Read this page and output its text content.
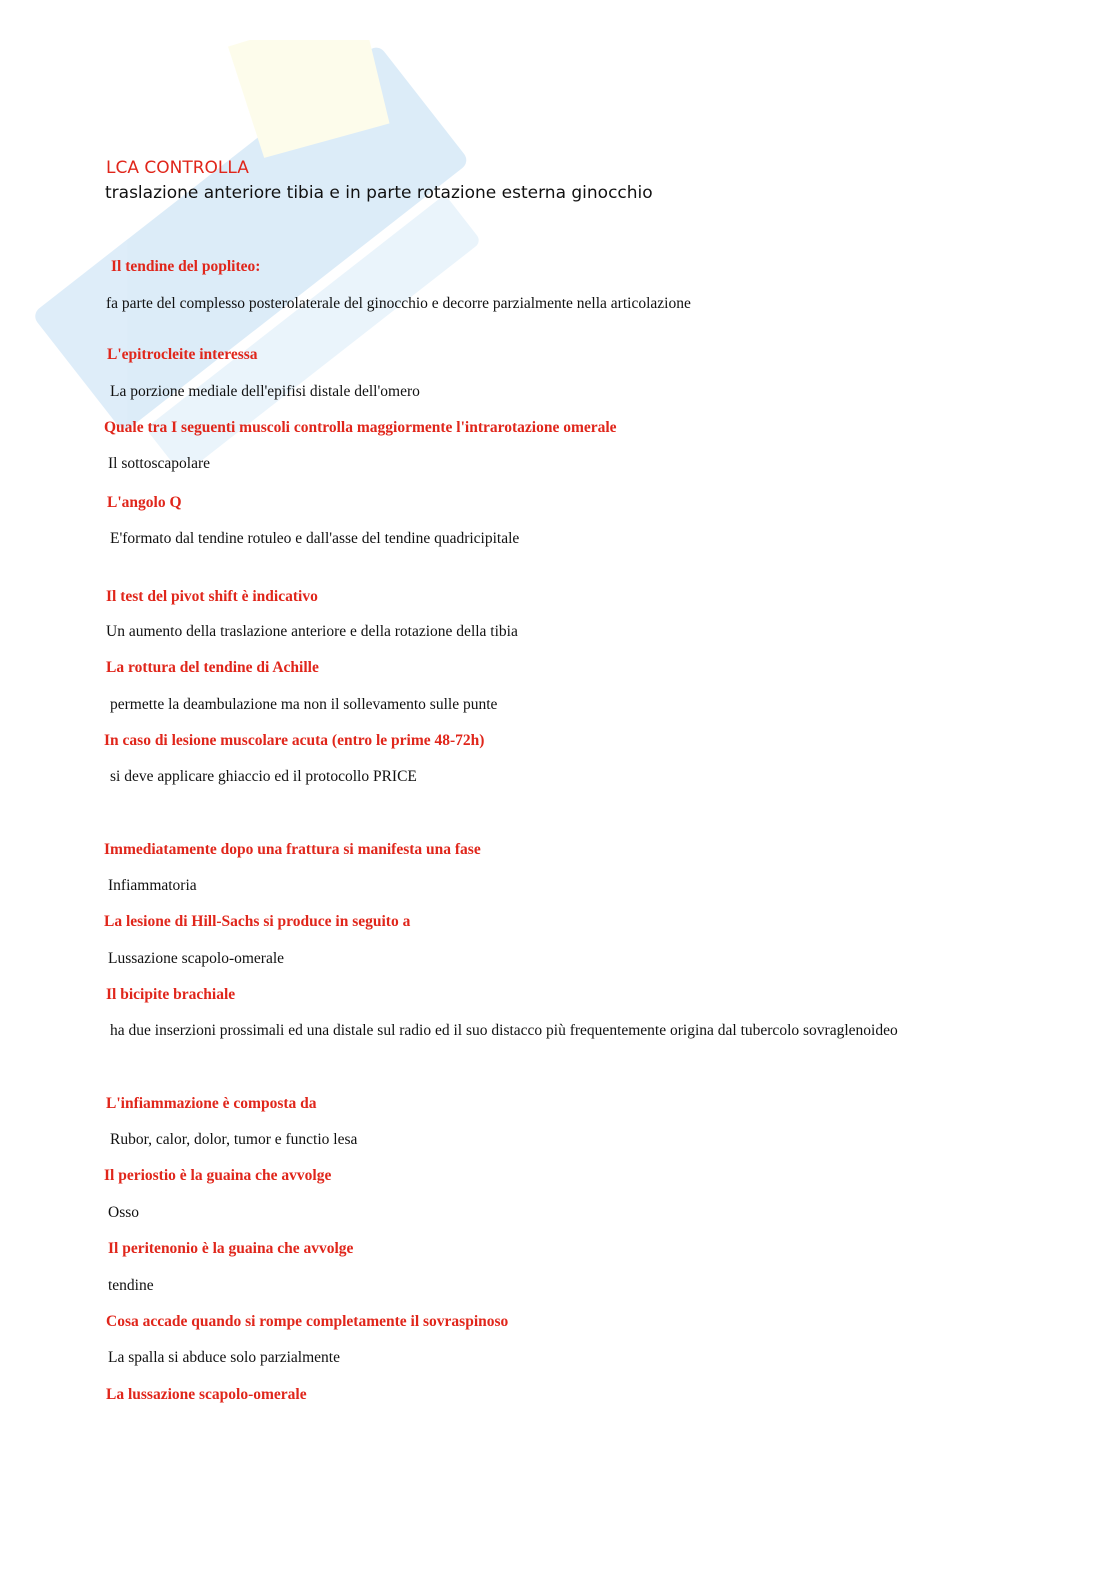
LCA CONTROLLA

traslazione anteriore tibia e in parte rotazione esterna ginocchio

Il tendine del popliteo:

fa parte del complesso posterolaterale del ginocchio e decorre parzialmente nella articolazione

L'epitrocleite interessa

La porzione mediale dell'epifisi distale dell'omero

Quale tra I seguenti muscoli controlla maggiormente l'intrarotazione omerale

Il sottoscapolare

L'angolo Q

E'formato dal tendine rotuleo e dall'asse del tendine quadricipitale

Il test del pivot shift è indicativo

Un aumento della traslazione anteriore e della rotazione della tibia

La rottura del tendine di Achille

permette la deambulazione ma non il sollevamento sulle punte

In caso di lesione muscolare acuta (entro le prime 48-72h)

si deve applicare ghiaccio ed il protocollo PRICE

Immediatamente dopo una frattura si manifesta una fase

Infiammatoria

La lesione di Hill-Sachs si produce in seguito a

Lussazione scapolo-omerale

Il bicipite brachiale

ha due inserzioni prossimali ed una distale sul radio ed il suo distacco più frequentemente origina dal tubercolo sovraglenoideo

L'infiammazione è composta da

Rubor, calor, dolor, tumor e functio lesa

Il periostio è la guaina che avvolge

Osso

Il peritenonio è la guaina che avvolge

tendine

Cosa accade quando si rompe completamente il sovraspinoso

La spalla si abduce solo parzialmente

La lussazione scapolo-omerale
